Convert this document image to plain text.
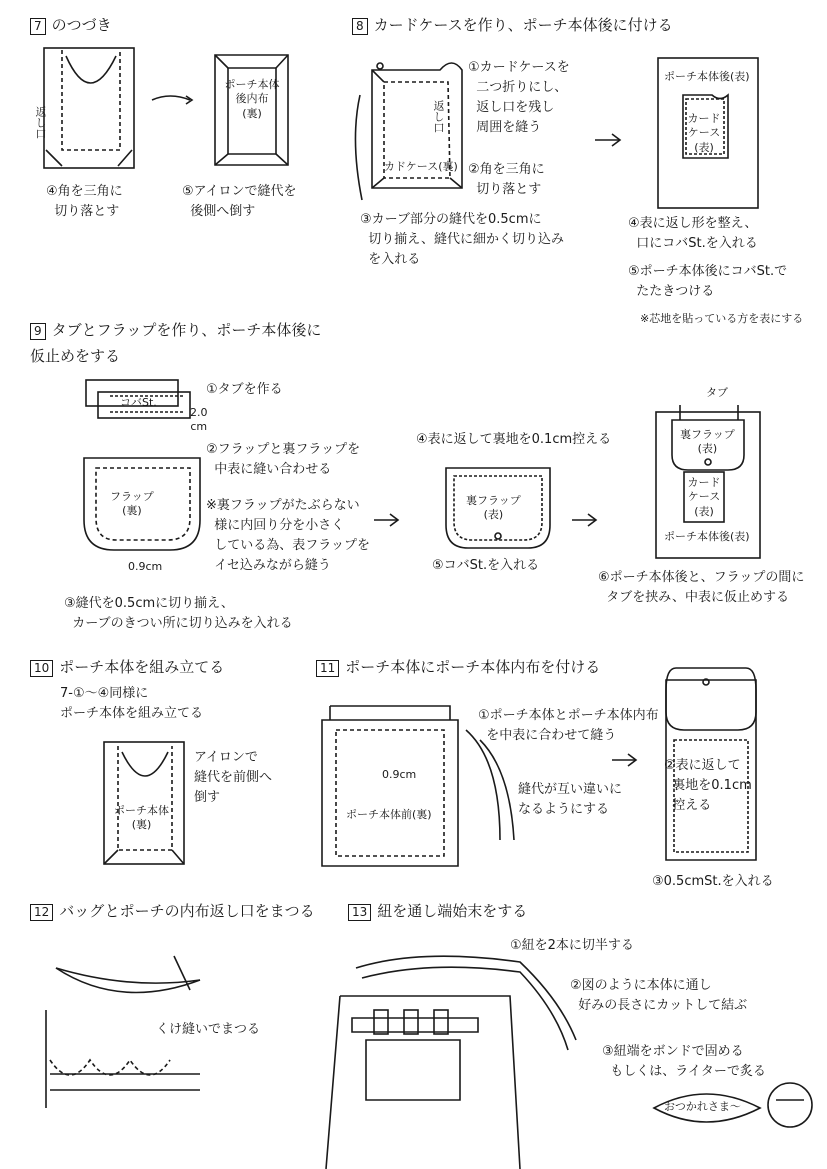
7 のつづき
返し口
ポーチ本体
後内布
(裏)
④角を三角に
切り落とす
⑤アイロンで縫代を
後側へ倒す
8 カードケースを作り、ポーチ本体後に付ける
カドケース(裏)
返し口
①カードケースを
二つ折りにし、
返し口を残し
周囲を縫う
②角を三角に
切り落とす
③カーブ部分の縫代を0.5cmに
切り揃え、縫代に細かく切り込み
を入れる
ポーチ本体後(表)
カード
ケース
(表)
④表に返し形を整え、
口にコバSt.を入れる
⑤ポーチ本体後にコバSt.で
たたきつける
※芯地を貼っている方を表にする
9 タブとフラップを作り、ポーチ本体後に
仮止めをする
コバSt.
2.0
cm
①タブを作る
②フラップと裏フラップを
中表に縫い合わせる
※裏フラップがたぶらない
様に内回り分を小さく
している為、表フラップを
イセ込みながら縫う
フラップ
(裏)
0.9cm
③縫代を0.5cmに切り揃え、
カーブのきつい所に切り込みを入れる
④表に返して裏地を0.1cm控える
裏フラップ
(表)
⑤コバSt.を入れる
タブ
裏フラップ
(表)
カード
ケース
(表)
ポーチ本体後(表)
⑥ポーチ本体後と、フラップの間に
タブを挟み、中表に仮止めする
10 ポーチ本体を組み立てる
7-①〜④同様に
ポーチ本体を組み立てる
ポーチ本体
(裏)
アイロンで
縫代を前側へ
倒す
11 ポーチ本体にポーチ本体内布を付ける
0.9cm
ポーチ本体前(裏)
①ポーチ本体とポーチ本体内布
を中表に合わせて縫う
縫代が互い違いに
なるようにする
②表に返して
裏地を0.1cm
控える
③0.5cmSt.を入れる
12 バッグとポーチの内布返し口をまつる
くけ縫いでまつる
13 紐を通し端始末をする
①紐を2本に切半する
②図のように本体に通し
好みの長さにカットして結ぶ
③紐端をボンドで固める
もしくは、ライターで炙る
おつかれさま〜
